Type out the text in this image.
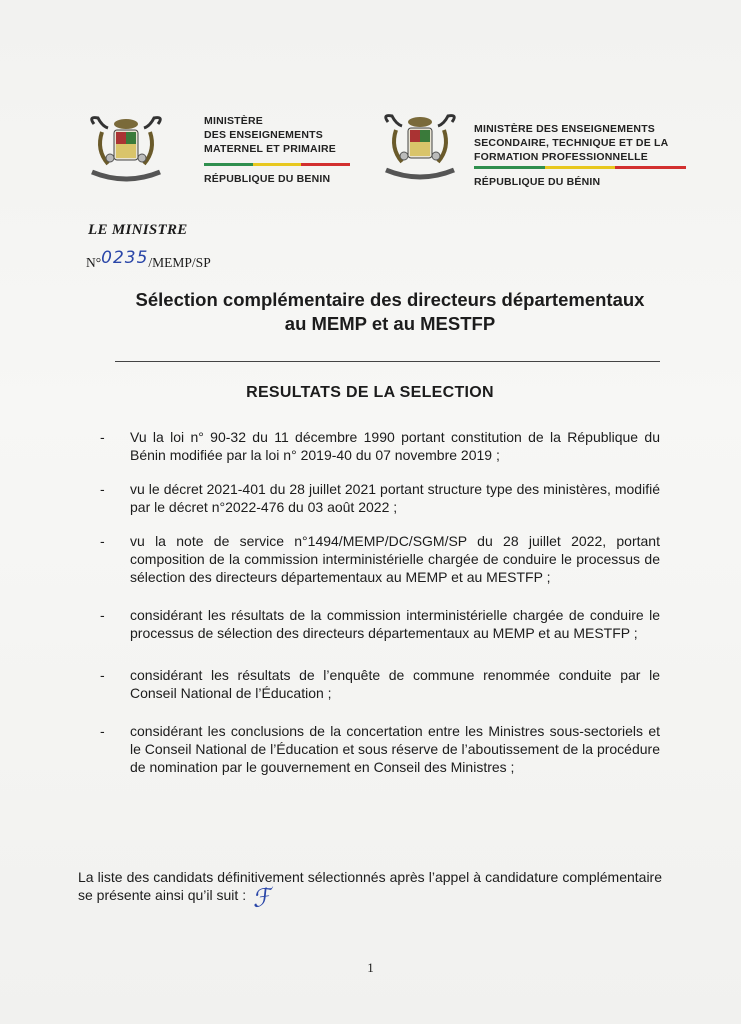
MINISTÈRE
DES ENSEIGNEMENTS
MATERNEL ET PRIMAIRE
RÉPUBLIQUE DU BENIN
MINISTÈRE DES ENSEIGNEMENTS
SECONDAIRE, TECHNIQUE ET DE LA
FORMATION PROFESSIONNELLE
RÉPUBLIQUE DU BÉNIN
LE MINISTRE
N°0235/MEMP/SP
Sélection complémentaire des directeurs départementaux
au MEMP et au MESTFP
RESULTATS DE LA SELECTION
- Vu la loi n° 90-32 du 11 décembre 1990 portant constitution de la République du Bénin modifiée par la loi n° 2019-40 du 07 novembre 2019 ;
- vu le décret 2021-401 du 28 juillet 2021 portant structure type des ministères, modifié par le décret n°2022-476 du 03 août 2022 ;
- vu la note de service n°1494/MEMP/DC/SGM/SP du 28 juillet 2022, portant composition de la commission interministérielle chargée de conduire le processus de sélection des directeurs départementaux au MEMP et au MESTFP ;
- considérant les résultats de la commission interministérielle chargée de conduire le processus de sélection des directeurs départementaux au MEMP et au MESTFP ;
- considérant les résultats de l’enquête de commune renommée conduite par le Conseil National de l’Éducation ;
- considérant les conclusions de la concertation entre les Ministres sous-sectoriels et le Conseil National de l’Éducation et sous réserve de l’aboutissement de la procédure de nomination par le gouvernement en Conseil des Ministres ;
La liste des candidats définitivement sélectionnés après l’appel à candidature complémentaire se présente ainsi qu’il suit : ℱ
1
